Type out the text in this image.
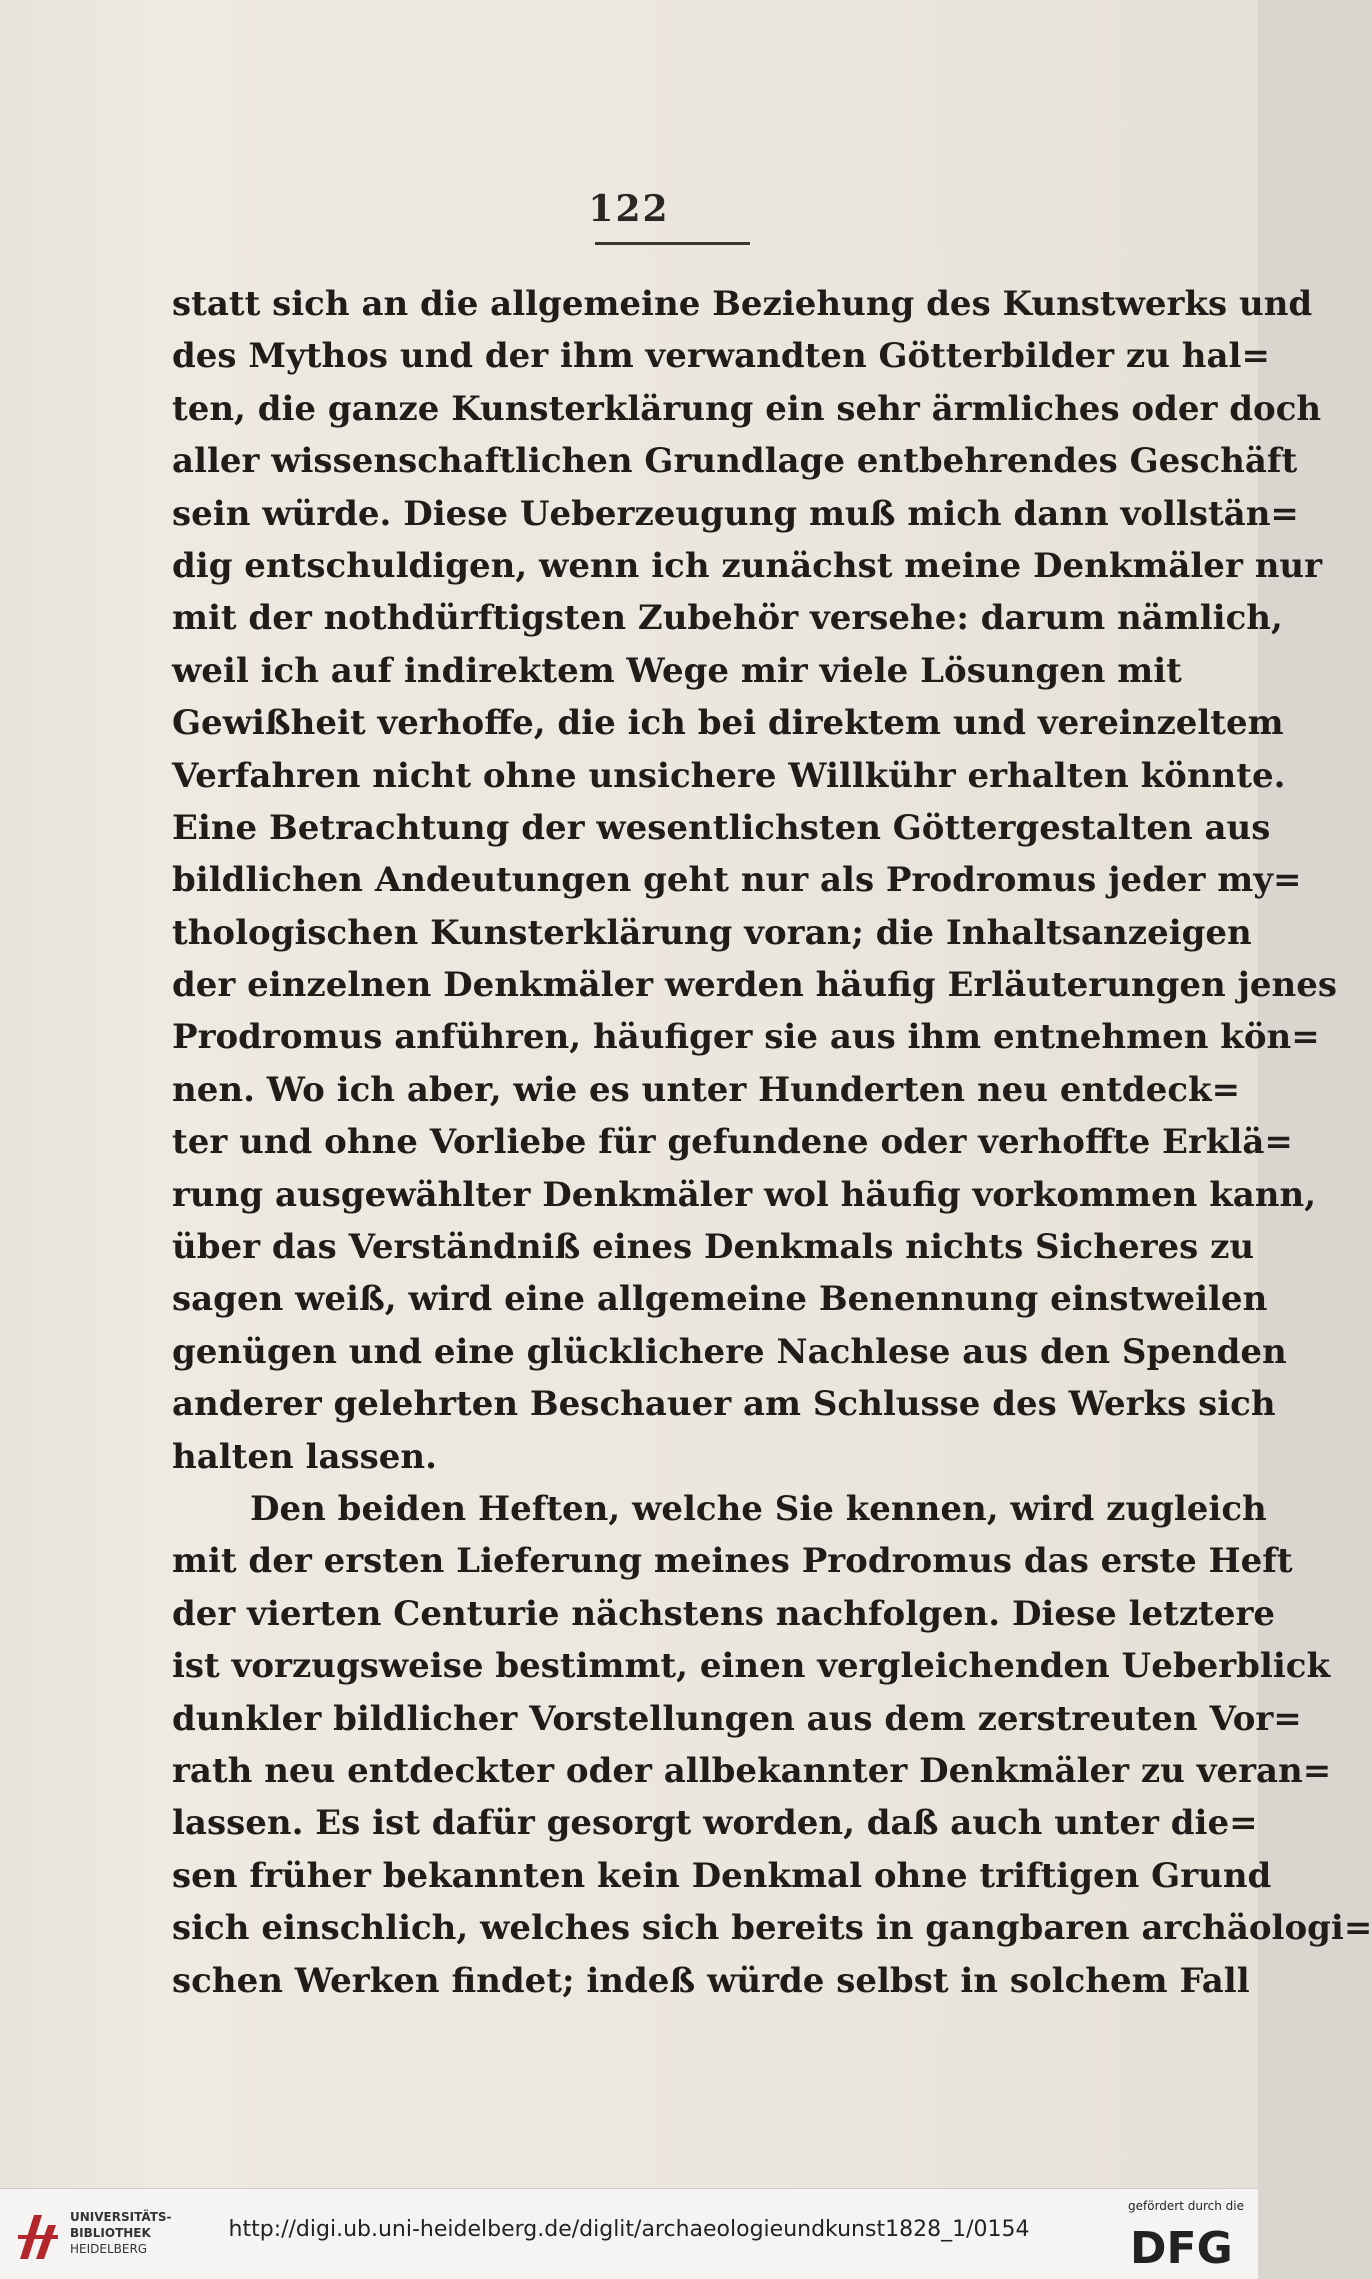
122
statt sich an die allgemeine Beziehung des Kunstwerks und
des Mythos und der ihm verwandten Götterbilder zu hal=
ten, die ganze Kunsterklärung ein sehr ärmliches oder doch
aller wissenschaftlichen Grundlage entbehrendes Geschäft
sein würde. Diese Ueberzeugung muß mich dann vollstän=
dig entschuldigen, wenn ich zunächst meine Denkmäler nur
mit der nothdürftigsten Zubehör versehe: darum nämlich,
weil ich auf indirektem Wege mir viele Lösungen mit
Gewißheit verhoffe, die ich bei direktem und vereinzeltem
Verfahren nicht ohne unsichere Willkühr erhalten könnte.
Eine Betrachtung der wesentlichsten Göttergestalten aus
bildlichen Andeutungen geht nur als Prodromus jeder my=
thologischen Kunsterklärung voran; die Inhaltsanzeigen
der einzelnen Denkmäler werden häufig Erläuterungen jenes
Prodromus anführen, häufiger sie aus ihm entnehmen kön=
nen. Wo ich aber, wie es unter Hunderten neu entdeck=
ter und ohne Vorliebe für gefundene oder verhoffte Erklä=
rung ausgewählter Denkmäler wol häufig vorkommen kann,
über das Verständniß eines Denkmals nichts Sicheres zu
sagen weiß, wird eine allgemeine Benennung einstweilen
genügen und eine glücklichere Nachlese aus den Spenden
anderer gelehrten Beschauer am Schlusse des Werks sich
halten lassen.
Den beiden Heften, welche Sie kennen, wird zugleich
mit der ersten Lieferung meines Prodromus das erste Heft
der vierten Centurie nächstens nachfolgen. Diese letztere
ist vorzugsweise bestimmt, einen vergleichenden Ueberblick
dunkler bildlicher Vorstellungen aus dem zerstreuten Vor=
rath neu entdeckter oder allbekannter Denkmäler zu veran=
lassen. Es ist dafür gesorgt worden, daß auch unter die=
sen früher bekannten kein Denkmal ohne triftigen Grund
sich einschlich, welches sich bereits in gangbaren archäologi=
schen Werken findet; indeß würde selbst in solchem Fall
UNIVERSITÄTS-
BIBLIOTHEK
HEIDELBERG
http://digi.ub.uni-heidelberg.de/diglit/archaeologieundkunst1828_1/0154
gefördert durch die
DFG
